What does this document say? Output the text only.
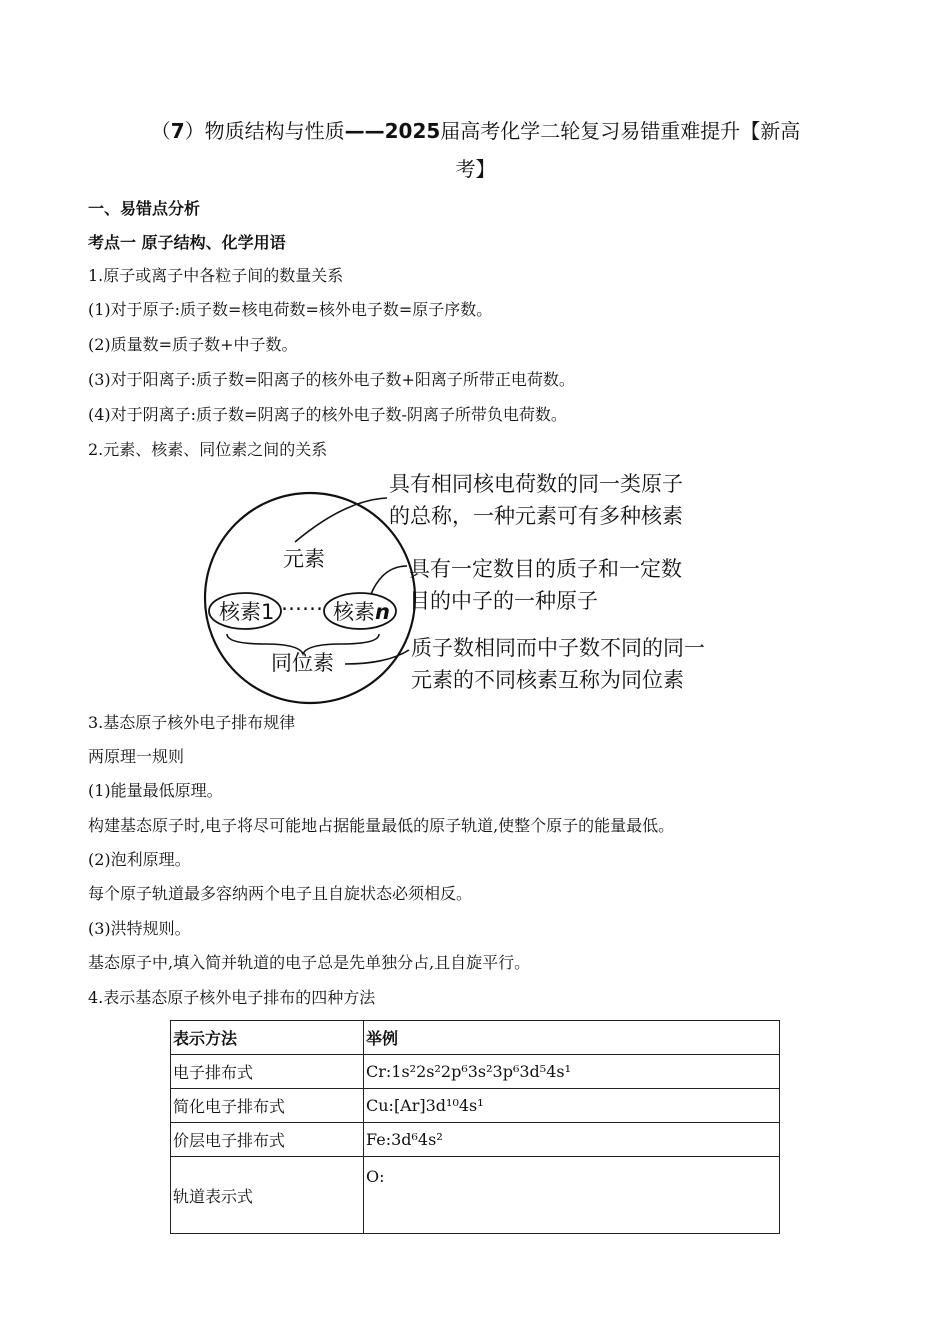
（7）物质结构与性质——2025届高考化学二轮复习易错重难提升【新高
考】
一、易错点分析
考点一 原子结构、化学用语
1.原子或离子中各粒子间的数量关系
(1)对于原子:质子数=核电荷数=核外电子数=原子序数。
(2)质量数=质子数+中子数。
(3)对于阳离子:质子数=阳离子的核外电子数+阳离子所带正电荷数。
(4)对于阴离子:质子数=阴离子的核外电子数-阴离子所带负电荷数。
2.元素、核素、同位素之间的关系
元素
核素1 …… 核素n
同位素
具有相同核电荷数的同一类原子
的总称，一种元素可有多种核素
具有一定数目的质子和一定数
目的中子的一种原子
质子数相同而中子数不同的同一
元素的不同核素互称为同位素
3.基态原子核外电子排布规律
两原理一规则
(1)能量最低原理。
构建基态原子时,电子将尽可能地占据能量最低的原子轨道,使整个原子的能量最低。
(2)泡利原理。
每个原子轨道最多容纳两个电子且自旋状态必须相反。
(3)洪特规则。
基态原子中,填入简并轨道的电子总是先单独分占,且自旋平行。
4.表示基态原子核外电子排布的四种方法
表示方法	举例
电子排布式	Cr:1s²2s²2p⁶3s²3p⁶3d⁵4s¹
简化电子排布式	Cu:[Ar]3d¹⁰4s¹
价层电子排布式	Fe:3d⁶4s²
轨道表示式	O:
